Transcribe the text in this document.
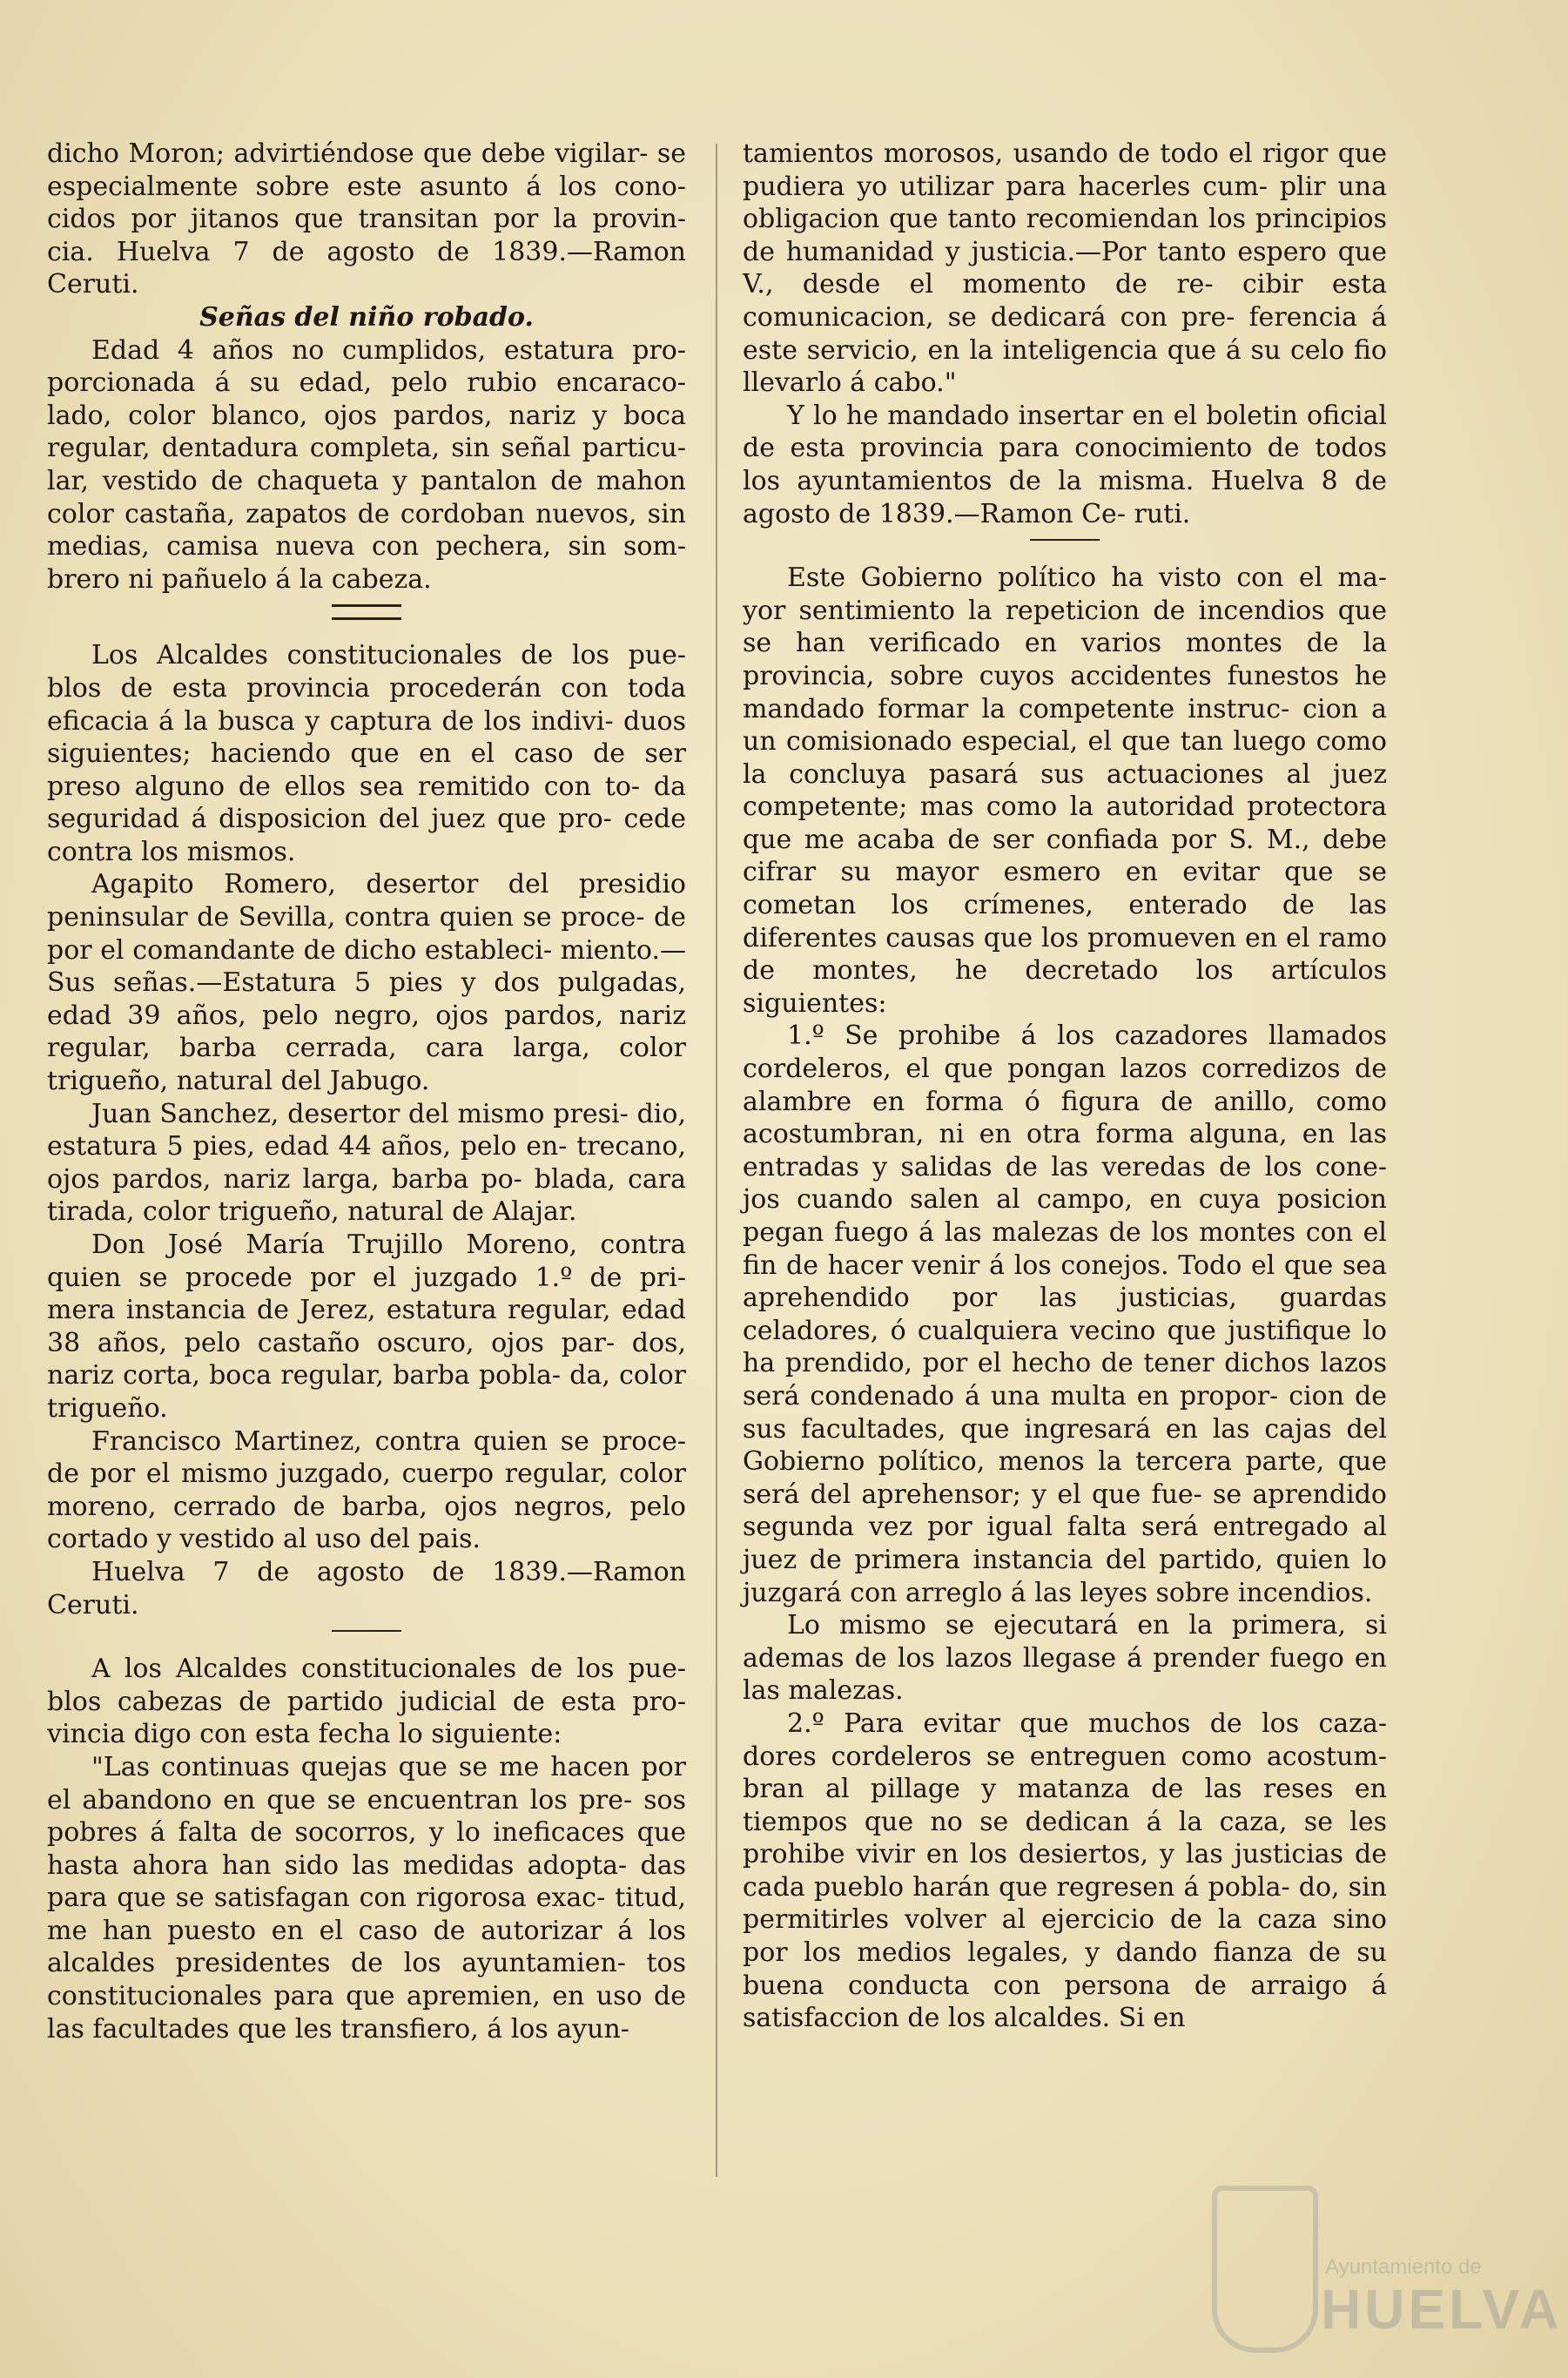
dicho Moron; advirtiéndose que debe vigilar- se especialmente sobre este asunto á los cono- cidos por jitanos que transitan por la provin- cia. Huelva 7 de agosto de 1839.—Ramon Ceruti.

Señas del niño robado.

Edad 4 años no cumplidos, estatura pro- porcionada á su edad, pelo rubio encaraco- lado, color blanco, ojos pardos, nariz y boca regular, dentadura completa, sin señal particu- lar, vestido de chaqueta y pantalon de mahon color castaña, zapatos de cordoban nuevos, sin medias, camisa nueva con pechera, sin som- brero ni pañuelo á la cabeza.

Los Alcaldes constitucionales de los pue- blos de esta provincia procederán con toda eficacia á la busca y captura de los indivi- duos siguientes; haciendo que en el caso de ser preso alguno de ellos sea remitido con to- da seguridad á disposicion del juez que pro- cede contra los mismos.

Agapito Romero, desertor del presidio peninsular de Sevilla, contra quien se proce- de por el comandante de dicho estableci- miento.—Sus señas.—Estatura 5 pies y dos pulgadas, edad 39 años, pelo negro, ojos pardos, nariz regular, barba cerrada, cara larga, color trigueño, natural del Jabugo.

Juan Sanchez, desertor del mismo presi- dio, estatura 5 pies, edad 44 años, pelo en- trecano, ojos pardos, nariz larga, barba po- blada, cara tirada, color trigueño, natural de Alajar.

Don José María Trujillo Moreno, contra quien se procede por el juzgado 1.º de pri- mera instancia de Jerez, estatura regular, edad 38 años, pelo castaño oscuro, ojos par- dos, nariz corta, boca regular, barba pobla- da, color trigueño.

Francisco Martinez, contra quien se proce- de por el mismo juzgado, cuerpo regular, color moreno, cerrado de barba, ojos negros, pelo cortado y vestido al uso del pais.

Huelva 7 de agosto de 1839.—Ramon Ceruti.

A los Alcaldes constitucionales de los pue- blos cabezas de partido judicial de esta pro- vincia digo con esta fecha lo siguiente:

"Las continuas quejas que se me hacen por el abandono en que se encuentran los pre- sos pobres á falta de socorros, y lo ineficaces que hasta ahora han sido las medidas adopta- das para que se satisfagan con rigorosa exac- titud, me han puesto en el caso de autorizar á los alcaldes presidentes de los ayuntamien- tos constitucionales para que apremien, en uso de las facultades que les transfiero, á los ayun-

tamientos morosos, usando de todo el rigor que pudiera yo utilizar para hacerles cum- plir una obligacion que tanto recomiendan los principios de humanidad y justicia.—Por tanto espero que V., desde el momento de re- cibir esta comunicacion, se dedicará con pre- ferencia á este servicio, en la inteligencia que á su celo fio llevarlo á cabo."

Y lo he mandado insertar en el boletin oficial de esta provincia para conocimiento de todos los ayuntamientos de la misma. Huelva 8 de agosto de 1839.—Ramon Ce- ruti.

Este Gobierno político ha visto con el ma- yor sentimiento la repeticion de incendios que se han verificado en varios montes de la provincia, sobre cuyos accidentes funestos he mandado formar la competente instruc- cion a un comisionado especial, el que tan luego como la concluya pasará sus actuaciones al juez competente; mas como la autoridad protectora que me acaba de ser confiada por S. M., debe cifrar su mayor esmero en evitar que se cometan los crímenes, enterado de las diferentes causas que los promueven en el ramo de montes, he decretado los artículos siguientes:

1.º Se prohibe á los cazadores llamados cordeleros, el que pongan lazos corredizos de alambre en forma ó figura de anillo, como acostumbran, ni en otra forma alguna, en las entradas y salidas de las veredas de los cone- jos cuando salen al campo, en cuya posicion pegan fuego á las malezas de los montes con el fin de hacer venir á los conejos. Todo el que sea aprehendido por las justicias, guardas celadores, ó cualquiera vecino que justifique lo ha prendido, por el hecho de tener dichos lazos será condenado á una multa en propor- cion de sus facultades, que ingresará en las cajas del Gobierno político, menos la tercera parte, que será del aprehensor; y el que fue- se aprendido segunda vez por igual falta será entregado al juez de primera instancia del partido, quien lo juzgará con arreglo á las leyes sobre incendios.

Lo mismo se ejecutará en la primera, si ademas de los lazos llegase á prender fuego en las malezas.

2.º Para evitar que muchos de los caza- dores cordeleros se entreguen como acostum- bran al pillage y matanza de las reses en tiempos que no se dedican á la caza, se les prohibe vivir en los desiertos, y las justicias de cada pueblo harán que regresen á pobla- do, sin permitirles volver al ejercicio de la caza sino por los medios legales, y dando fianza de su buena conducta con persona de arraigo á satisfaccion de los alcaldes. Si en

Ayuntamiento de
HUELVA
